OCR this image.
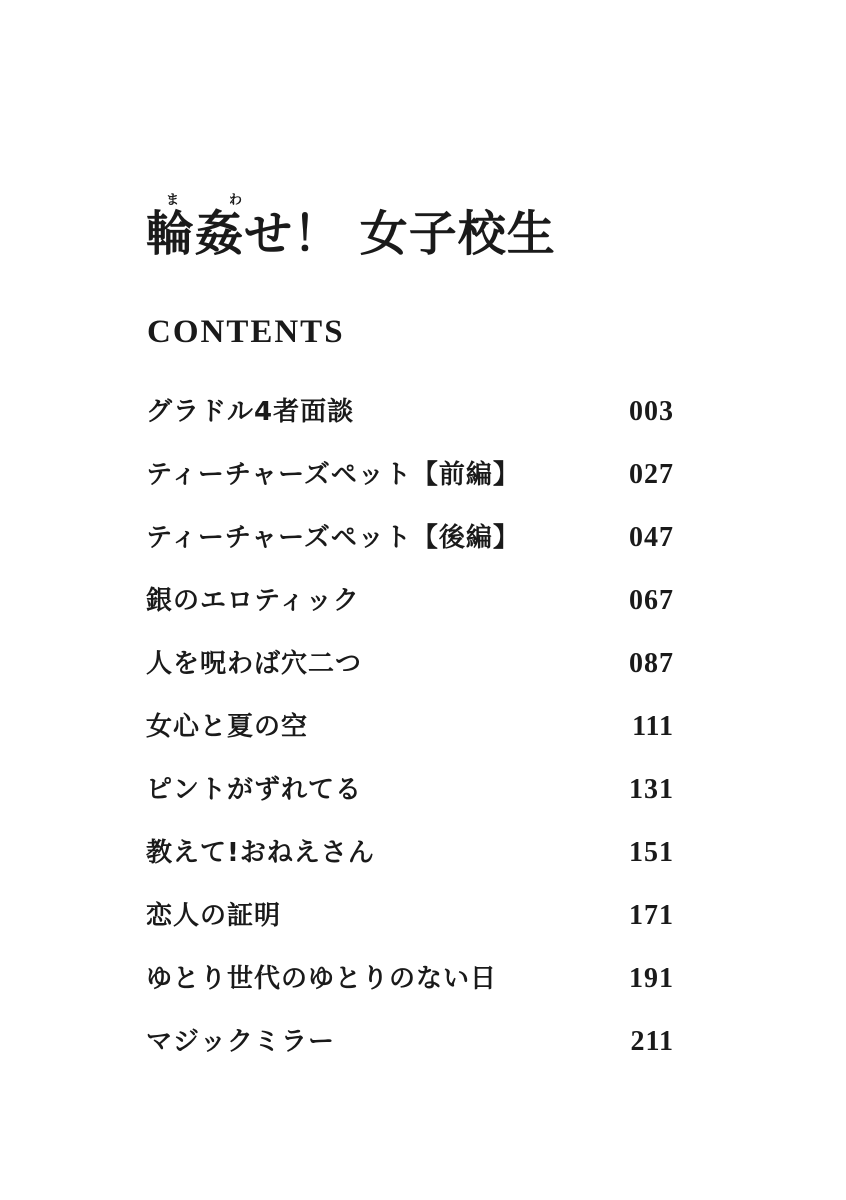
ま	わ
輪姦せ！ 女子校生
CONTENTS
グラドル4者面談	003
ティーチャーズペット【前編】	027
ティーチャーズペット【後編】	047
銀のエロティック	067
人を呪わば穴二つ	087
女心と夏の空	111
ピントがずれてる	131
教えて!おねえさん	151
恋人の証明	171
ゆとり世代のゆとりのない日	191
マジックミラー	211
